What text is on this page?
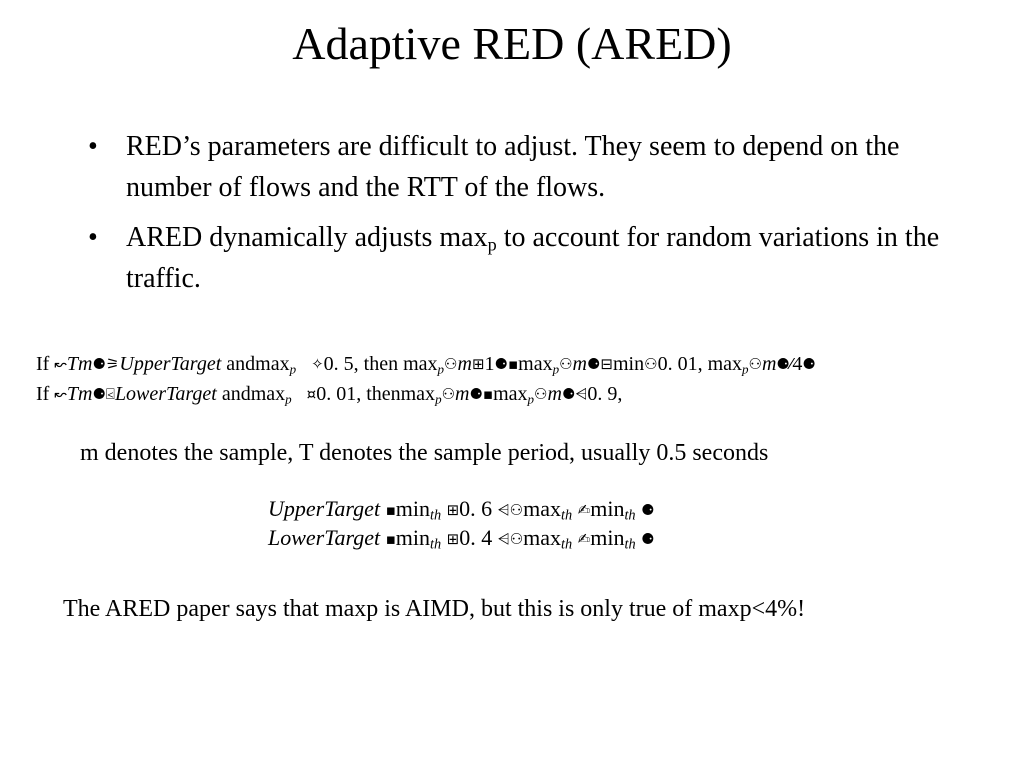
Adaptive RED (ARED)
•	RED’s parameters are difficult to adjust. They seem to depend on the number of flows and the RTT of the flows.
•	ARED dynamically adjusts $\max_p$ to account for random variations in the traffic.
If ↜Tm⚈⚞UpperTarget andmax$_p$ ✧0. 5, then $\max_p⚇m⊞1⚈▪\max_p⚇m⚈⊟\min⚇0$. 01, $\max_p⚇m⚈⁄4⚈$
If ↜Tm⚈⍃LowerTarget andmax$_p$ ¤0. 01, $thenmax_p⚇m⚈▪\max_p⚇m⚈⩤0$. 9,
m denotes the sample, T denotes the sample period, usually 0.5 seconds
UpperTarget $▪\min_{th}$ ⊞0. 6 $⩤⚇\max_{th}$ $✍\min_{th}$ ⚈
LowerTarget $▪\min_{th}$ ⊞0. 4 $⩤⚇\max_{th}$ $✍\min_{th}$ ⚈
The ARED paper says that maxp is AIMD, but this is only true of maxp<4%!
